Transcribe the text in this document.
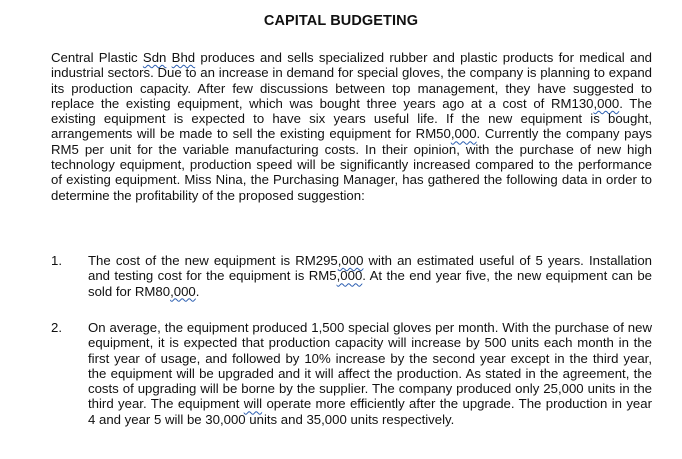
CAPITAL BUDGETING

Central Plastic Sdn Bhd produces and sells specialized rubber and plastic products for medical and industrial sectors. Due to an increase in demand for special gloves, the company is planning to expand its production capacity. After few discussions between top management, they have suggested to replace the existing equipment, which was bought three years ago at a cost of RM130,000. The existing equipment is expected to have six years useful life. If the new equipment is bought, arrangements will be made to sell the existing equipment for RM50,000. Currently the company pays RM5 per unit for the variable manufacturing costs. In their opinion, with the purchase of new high technology equipment, production speed will be significantly increased compared to the performance of existing equipment. Miss Nina, the Purchasing Manager, has gathered the following data in order to determine the profitability of the proposed suggestion:

1. The cost of the new equipment is RM295,000 with an estimated useful of 5 years. Installation and testing cost for the equipment is RM5,000. At the end year five, the new equipment can be sold for RM80,000.
2. On average, the equipment produced 1,500 special gloves per month. With the purchase of new equipment, it is expected that production capacity will increase by 500 units each month in the first year of usage, and followed by 10% increase by the second year except in the third year, the equipment will be upgraded and it will affect the production. As stated in the agreement, the costs of upgrading will be borne by the supplier. The company produced only 25,000 units in the third year. The equipment will operate more efficiently after the upgrade. The production in year 4 and year 5 will be 30,000 units and 35,000 units respectively.
